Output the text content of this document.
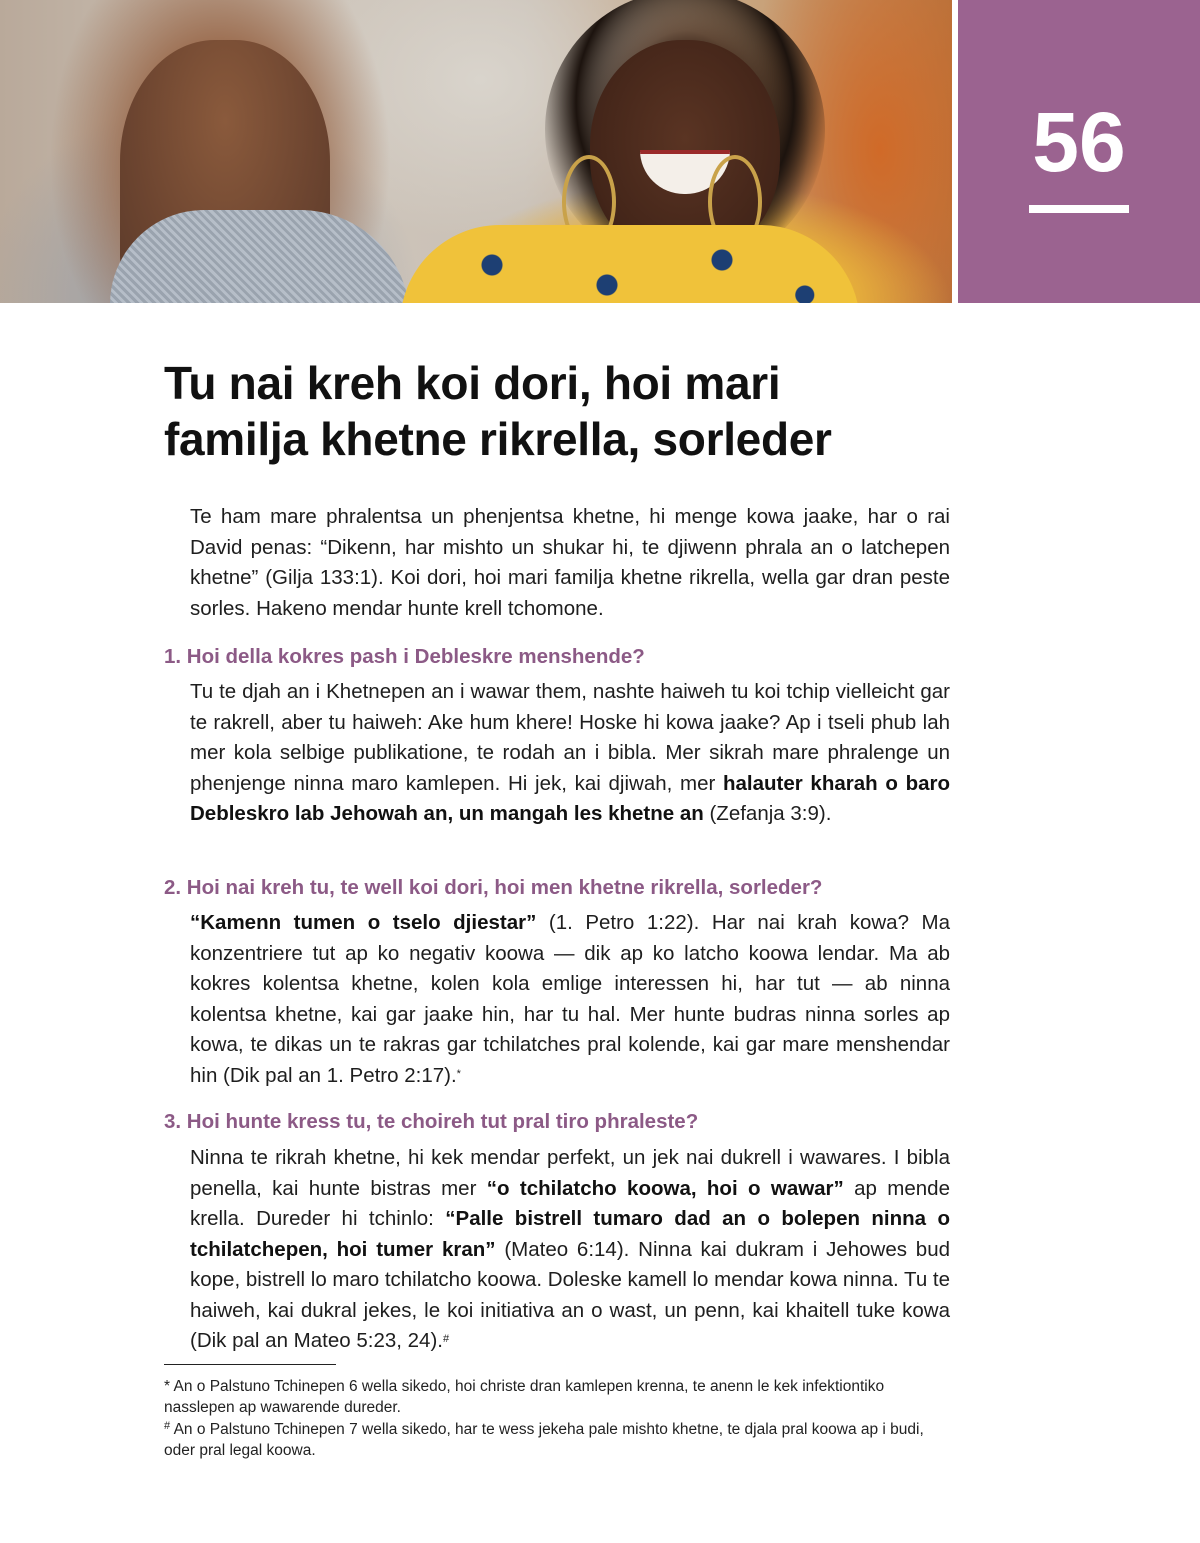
56
Tu nai kreh koi dori, hoi mari
familja khetne rikrella, sorleder

Te ham mare phralentsa un phenjentsa khetne, hi menge kowa jaake, har o rai David penas: “Dikenn, har mishto un shukar hi, te djiwenn phrala an o latchepen khetne” (Gilja 133:1). Koi dori, hoi mari familja khetne rikrella, wella gar dran peste sorles. Hakeno mendar hunte krell tchomone.

1. Hoi della kokres pash i Debleskre menshende?

Tu te djah an i Khetnepen an i wawar them, nashte haiweh tu koi tchip vielleicht gar te rakrell, aber tu haiweh: Ake hum khere! Hoske hi kowa jaake? Ap i tseli phub lah mer kola selbige publikatione, te rodah an i bibla. Mer sikrah mare phralenge un phenjenge ninna maro kamlepen. Hi jek, kai djiwah, mer halauter kharah o baro Debleskro lab Jehowah an, un mangah les khetne an (Zefanja 3:9).

2. Hoi nai kreh tu, te well koi dori, hoi men khetne rikrella, sorleder?

“Kamenn tumen o tselo djiestar” (1. Petro 1:22). Har nai krah kowa? Ma konzentriere tut ap ko negativ koowa — dik ap ko latcho koowa lendar. Ma ab kokres kolentsa khetne, kolen kola emlige interessen hi, har tut — ab ninna kolentsa khetne, kai gar jaake hin, har tu hal. Mer hunte budras ninna sorles ap kowa, te dikas un te rakras gar tchilatches pral kolende, kai gar mare menshendar hin (Dik pal an 1. Petro 2:17).*

3. Hoi hunte kress tu, te choireh tut pral tiro phraleste?

Ninna te rikrah khetne, hi kek mendar perfekt, un jek nai dukrell i wawares. I bibla penella, kai hunte bistras mer “o tchilatcho koowa, hoi o wawar” ap mende krella. Dureder hi tchinlo: “Palle bistrell tumaro dad an o bolepen ninna o tchilatchepen, hoi tumer kran” (Mateo 6:14). Ninna kai dukram i Jehowes bud kope, bistrell lo maro tchilatcho koowa. Doleske kamell lo mendar kowa ninna. Tu te haiweh, kai dukral jekes, le koi initiativa an o wast, un penn, kai khaitell tuke kowa (Dik pal an Mateo 5:23, 24).#

* An o Palstuno Tchinepen 6 wella sikedo, hoi christe dran kamlepen krenna, te anenn le kek infektiontiko nasslepen ap wawarende dureder.

# An o Palstuno Tchinepen 7 wella sikedo, har te wess jekeha pale mishto khetne, te djala pral koowa ap i budi, oder pral legal koowa.
